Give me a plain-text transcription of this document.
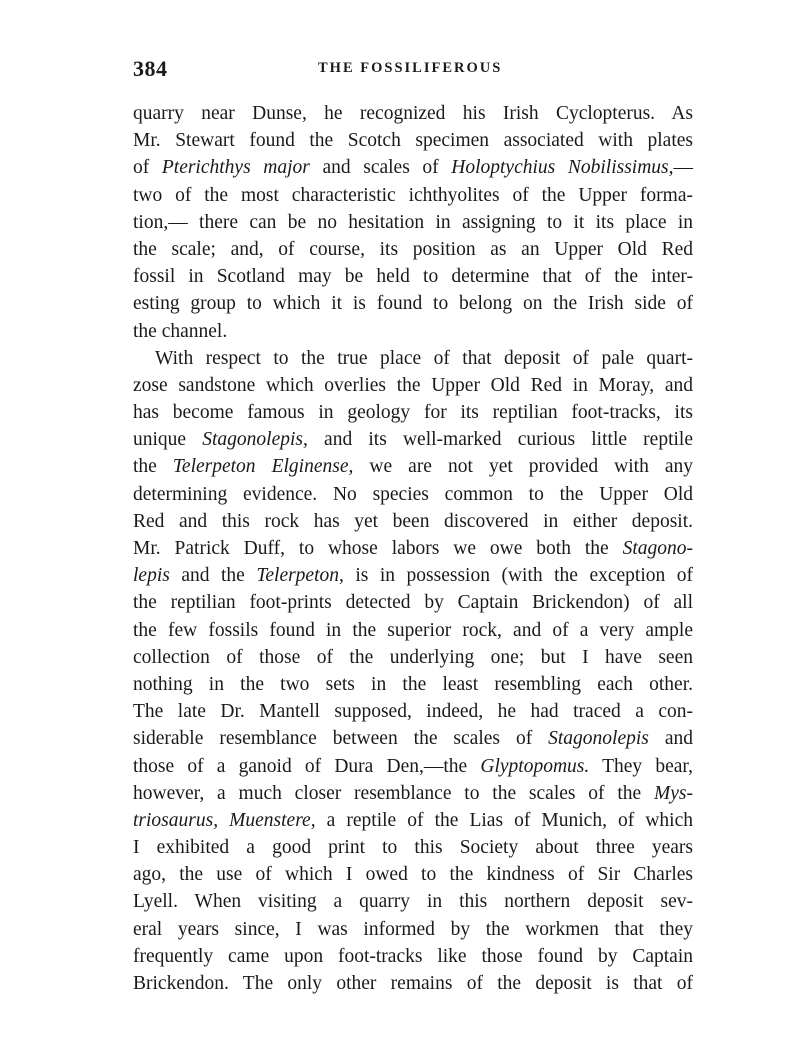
384	THE FOSSILIFEROUS
quarry near Dunse, he recognized his Irish Cyclopterus. As
Mr. Stewart found the Scotch specimen associated with plates
of Pterichthys major and scales of Holoptychius Nobilissimus,—
two of the most characteristic ichthyolites of the Upper forma-
tion,— there can be no hesitation in assigning to it its place in
the scale; and, of course, its position as an Upper Old Red
fossil in Scotland may be held to determine that of the inter-
esting group to which it is found to belong on the Irish side of
the channel.
With respect to the true place of that deposit of pale quart-
zose sandstone which overlies the Upper Old Red in Moray, and
has become famous in geology for its reptilian foot-tracks, its
unique Stagonolepis, and its well-marked curious little reptile
the Telerpeton Elginense, we are not yet provided with any
determining evidence. No species common to the Upper Old
Red and this rock has yet been discovered in either deposit.
Mr. Patrick Duff, to whose labors we owe both the Stagono-
lepis and the Telerpeton, is in possession (with the exception of
the reptilian foot-prints detected by Captain Brickendon) of all
the few fossils found in the superior rock, and of a very ample
collection of those of the underlying one; but I have seen
nothing in the two sets in the least resembling each other.
The late Dr. Mantell supposed, indeed, he had traced a con-
siderable resemblance between the scales of Stagonolepis and
those of a ganoid of Dura Den,—the Glyptopomus. They bear,
however, a much closer resemblance to the scales of the Mys-
triosaurus, Muenstere, a reptile of the Lias of Munich, of which
I exhibited a good print to this Society about three years
ago, the use of which I owed to the kindness of Sir Charles
Lyell. When visiting a quarry in this northern deposit sev-
eral years since, I was informed by the workmen that they
frequently came upon foot-tracks like those found by Captain
Brickendon. The only other remains of the deposit is that of
